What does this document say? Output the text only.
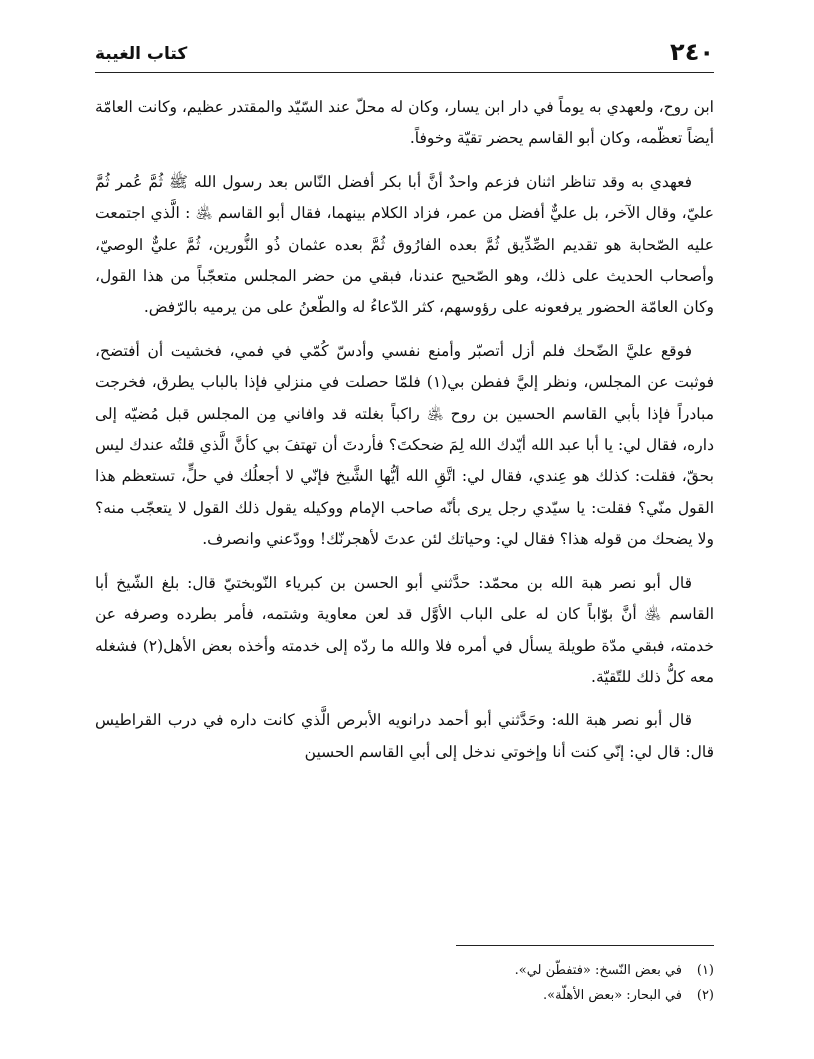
٢٤٠
كتاب الغيبة

ابن روح، ولعهدي به يوماً في دار ابن يسار، وكان له محلّ عند السّيّد والمقتدر عظيم، وكانت العامّة أيضاً تعظّمه، وكان أبو القاسم يحضر تقيّة وخوفاً.

فعهدي به وقد تناظر اثنان فزعم واحدٌ أنَّ أبا بكر أفضل النّاس بعد رسول الله ﷺ ثُمَّ عُمر ثُمَّ عليّ، وقال الآخر، بل عليٌّ أفضل من عمر، فزاد الكلام بينهما، فقال أبو القاسم ﵁ : الَّذي اجتمعت عليه الصّحابة هو تقديم الصِّدِّيق ثُمَّ بعده الفارُوق ثُمَّ بعده عثمان ذُو النُّورين، ثُمَّ عليٌّ الوصيّ، وأصحاب الحديث على ذلك، وهو الصّحيح عندنا، فبقي من حضر المجلس متعجّباً من هذا القول، وكان العامّة الحضور يرفعونه على رؤوسهم، كثر الدّعاءُ له والطّعنُ على من يرميه بالرّفض.

فوقع عليَّ الضّحك فلم أزل أتصبّر وأمنع نفسي وأدسّ كُمّي في فمي، فخشيت أن أفتضح، فوثبت عن المجلس، ونظر إليَّ ففطن بي(١) فلمّا حصلت في منزلي فإذا بالباب يطرق، فخرجت مبادراً فإذا بأبي القاسم الحسين بن روح ﵁ راكباً بغلته قد وافاني مِن المجلس قبل مُضيّه إلى داره، فقال لي: يا أبا عبد الله أيّدك الله لِمَ ضحكتَ؟ فأردتَ أن تهتفَ بي كأنَّ الَّذي قلتُه عندك ليس بحقّ، فقلت: كذلك هو عِندي، فقال لي: اتَّقِ الله أيُّها الشَّيخ فإنّي لا أجعلُك في حلٍّ، تستعظم هذا القول منّي؟ فقلت: يا سيّدي رجل يرى بأنّه صاحب الإمام ووكيله يقول ذلك القول لا يتعجّب منه؟ ولا يضحك من قوله هذا؟ فقال لي: وحياتك لئن عدتَ لأهجرنّك! وودّعني وانصرف.

قال أبو نصر هبة الله بن محمّد: حدَّثني أبو الحسن بن كبرياء النّوبختيّ قال: بلغ الشّيخ أبا القاسم ﵁ أنَّ بوّاباً كان له على الباب الأوَّل قد لعن معاوية وشتمه، فأمر بطرده وصرفه عن خدمته، فبقي مدّة طويلة يسأل في أمره فلا والله ما ردّه إلى خدمته وأخذه بعض الأهل(٢) فشغله معه كلُّ ذلك للتّقيّة.

قال أبو نصر هبة الله: وحَدَّثني أبو أحمد درانويه الأبرص الَّذي كانت داره في درب القراطيس قال: قال لي: إنّي كنت أنا وإخوتي ندخل إلى أبي القاسم الحسين

(١)
في بعض النّسخ: «فتفطّن لي».
(٢)
في البحار: «بعض الأهلّة».
